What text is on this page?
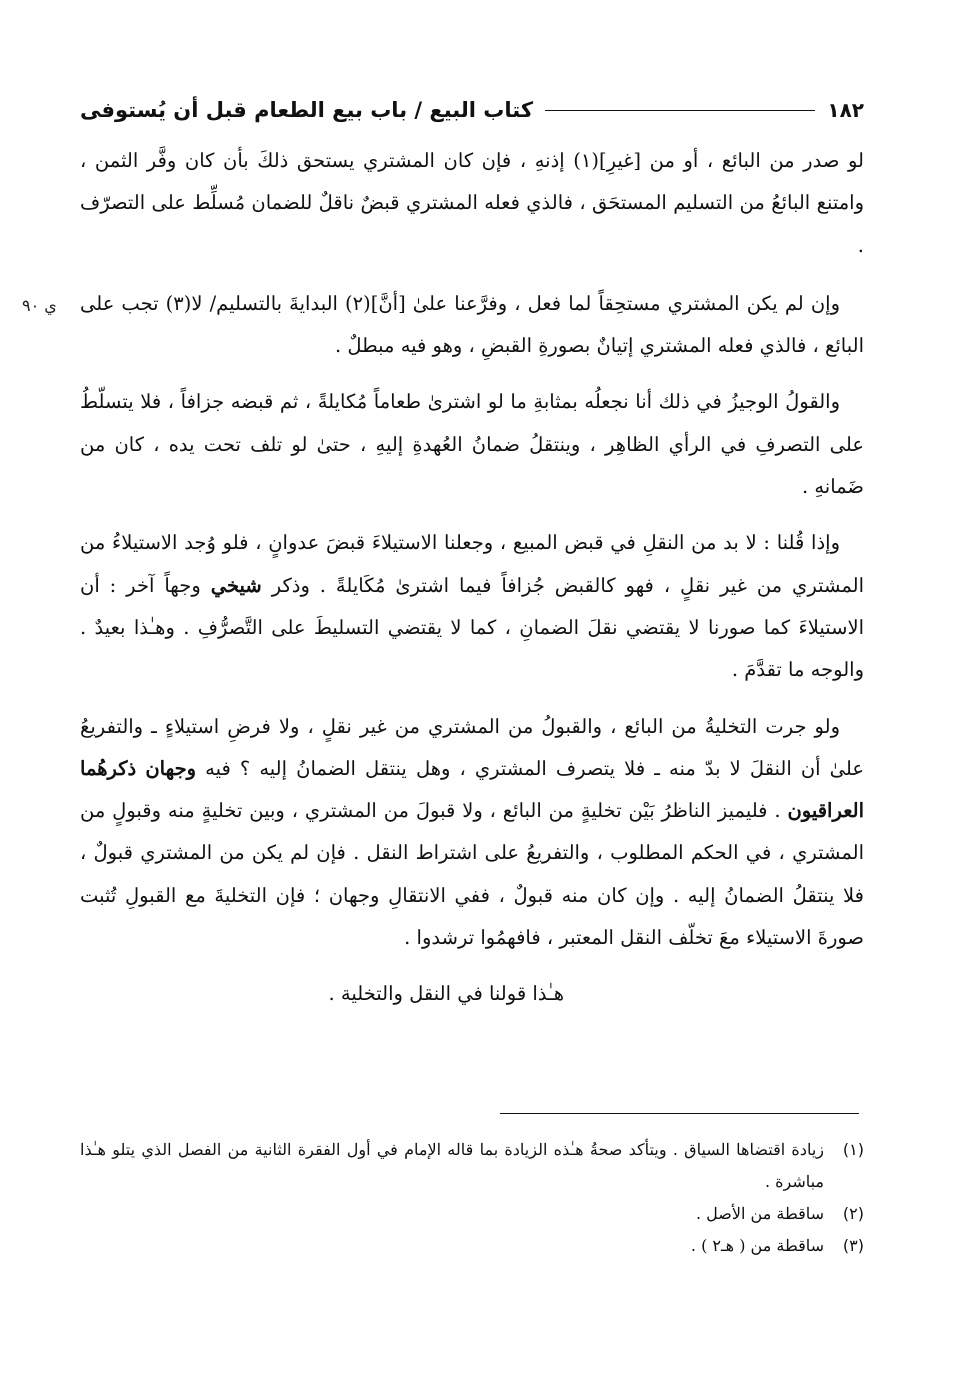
١٨٢
كتاب البيع / باب بيع الطعام قبل أن يُستوفى
ي ٩٠

لو صدر من البائع ، أو من [غيرِ](١) إذنهِ ، فإن كان المشتري يستحق ذلكَ بأن كان وفَّر الثمن ، وامتنع البائعُ من التسليم المستحَق ، فالذي فعله المشتري قبضٌ ناقلٌ للضمان مُسلِّط على التصرّف .

وإن لم يكن المشتري مستحِقاً لما فعل ، وفرَّعنا علىٰ [أنَّ](٢) البدايةَ بالتسليم/ لا(٣) تجب على البائع ، فالذي فعله المشتري إتيانٌ بصورةِ القبضِ ، وهو فيه مبطلٌ .

والقولُ الوجيزُ في ذلك أنا نجعلُه بمثابةِ ما لو اشترىٰ طعاماً مُكايلةً ، ثم قبضه جزافاً ، فلا يتسلّطُ على التصرفِ في الرأي الظاهِر ، وينتقلُ ضمانُ العُهدةِ إليهِ ، حتىٰ لو تلف تحت يده ، كان من ضَمانهِ .

وإذا قُلنا : لا بد من النقلِ في قبض المبيع ، وجعلنا الاستيلاءَ قبضَ عدوانٍ ، فلو وُجد الاستيلاءُ من المشتري من غير نقلٍ ، فهو كالقبض جُزافاً فيما اشترىٰ مُكَايلةً . وذكر شيخي وجهاً آخر : أن الاستيلاءَ كما صورنا لا يقتضي نقلَ الضمانِ ، كما لا يقتضي التسليطَ على التَّصرُّفِ . وهـٰذا بعيدٌ . والوجه ما تقدَّمَ .

ولو جرت التخليةُ من البائع ، والقبولُ من المشتري من غير نقلٍ ، ولا فرضِ استيلاءٍ ـ والتفريعُ علىٰ أن النقلَ لا بدّ منه ـ فلا يتصرف المشتري ، وهل ينتقل الضمانُ إليه ؟ فيه وجهان ذكرهُما العراقيون . فليميز الناظرُ بَيْن تخليةٍ من البائع ، ولا قبولَ من المشتري ، وبين تخليةٍ منه وقبولٍ من المشتري ، في الحكم المطلوب ، والتفريعُ على اشتراط النقل . فإن لم يكن من المشتري قبولٌ ، فلا ينتقلُ الضمانُ إليه . وإن كان منه قبولٌ ، ففي الانتقالِ وجهان ؛ فإن التخليةَ مع القبولِ تُثبت صورةَ الاستيلاء معَ تخلّف النقل المعتبر ، فافهمُوا ترشدوا .

هـٰذا قولنا في النقل والتخلية .

(١)
زيادة اقتضاها السياق . ويتأكد صحةُ هـٰذه الزيادة بما قاله الإمام في أول الفقرة الثانية من الفصل الذي يتلو هـٰذا مباشرة .
(٢)
ساقطة من الأصل .
(٣)
ساقطة من ( هـ٢ ) .
